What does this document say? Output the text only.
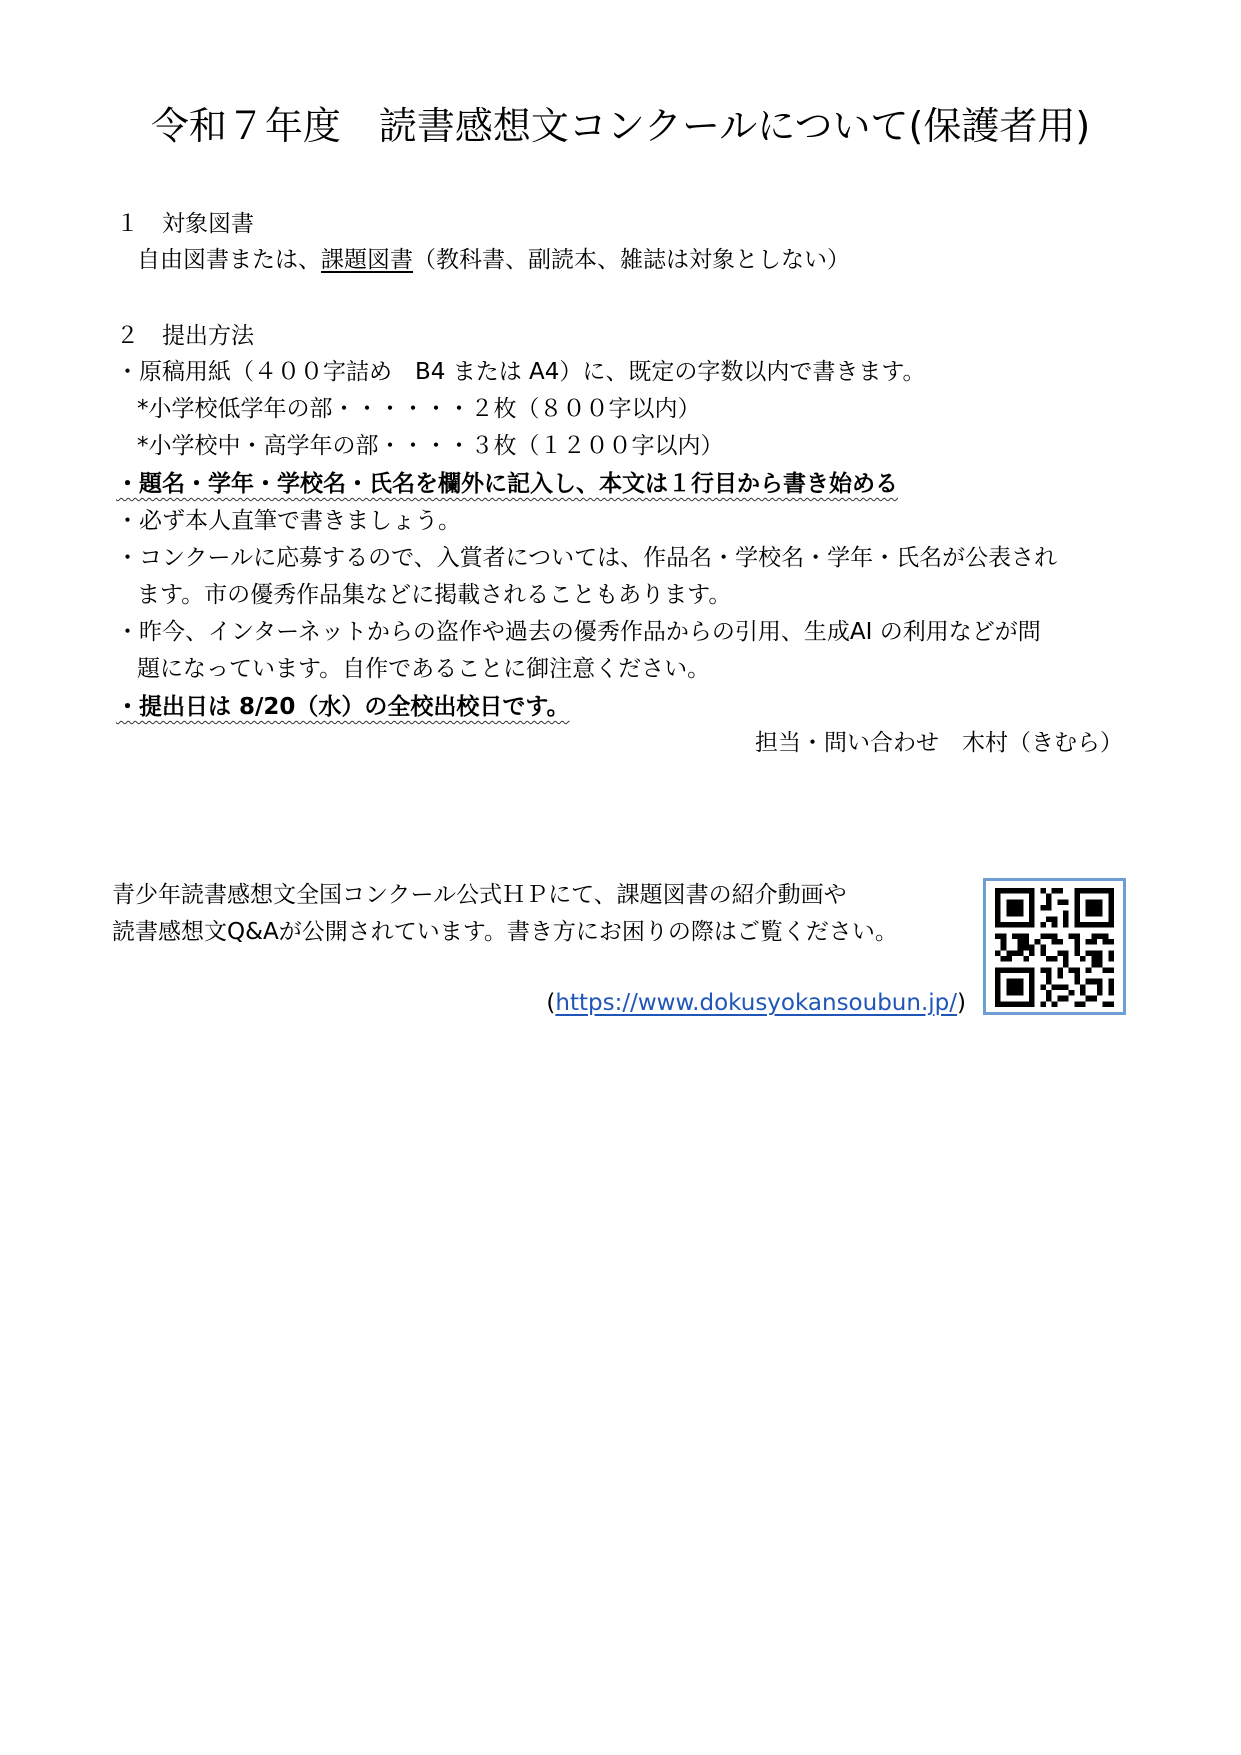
令和７年度　読書感想文コンクールについて(保護者用)
１　対象図書
自由図書または、課題図書（教科書、副読本、雑誌は対象としない）
２　提出方法
・原稿用紙（４００字詰め　B4 または A4）に、既定の字数以内で書きます。
*小学校低学年の部・・・・・・２枚（８００字以内）
*小学校中・高学年の部・・・・３枚（１２００字以内）
・題名・学年・学校名・氏名を欄外に記入し、本文は１行目から書き始める
・必ず本人直筆で書きましょう。
・コンクールに応募するので、入賞者については、作品名・学校名・学年・氏名が公表され
ます。市の優秀作品集などに掲載されることもあります。
・昨今、インターネットからの盗作や過去の優秀作品からの引用、生成AI の利用などが問
題になっています。自作であることに御注意ください。
・提出日は 8/20（水）の全校出校日です。
担当・問い合わせ　木村（きむら）
青少年読書感想文全国コンクール公式ＨＰにて、課題図書の紹介動画や
読書感想文Q&Aが公開されています。書き方にお困りの際はご覧ください。
(https://www.dokusyokansoubun.jp/)
